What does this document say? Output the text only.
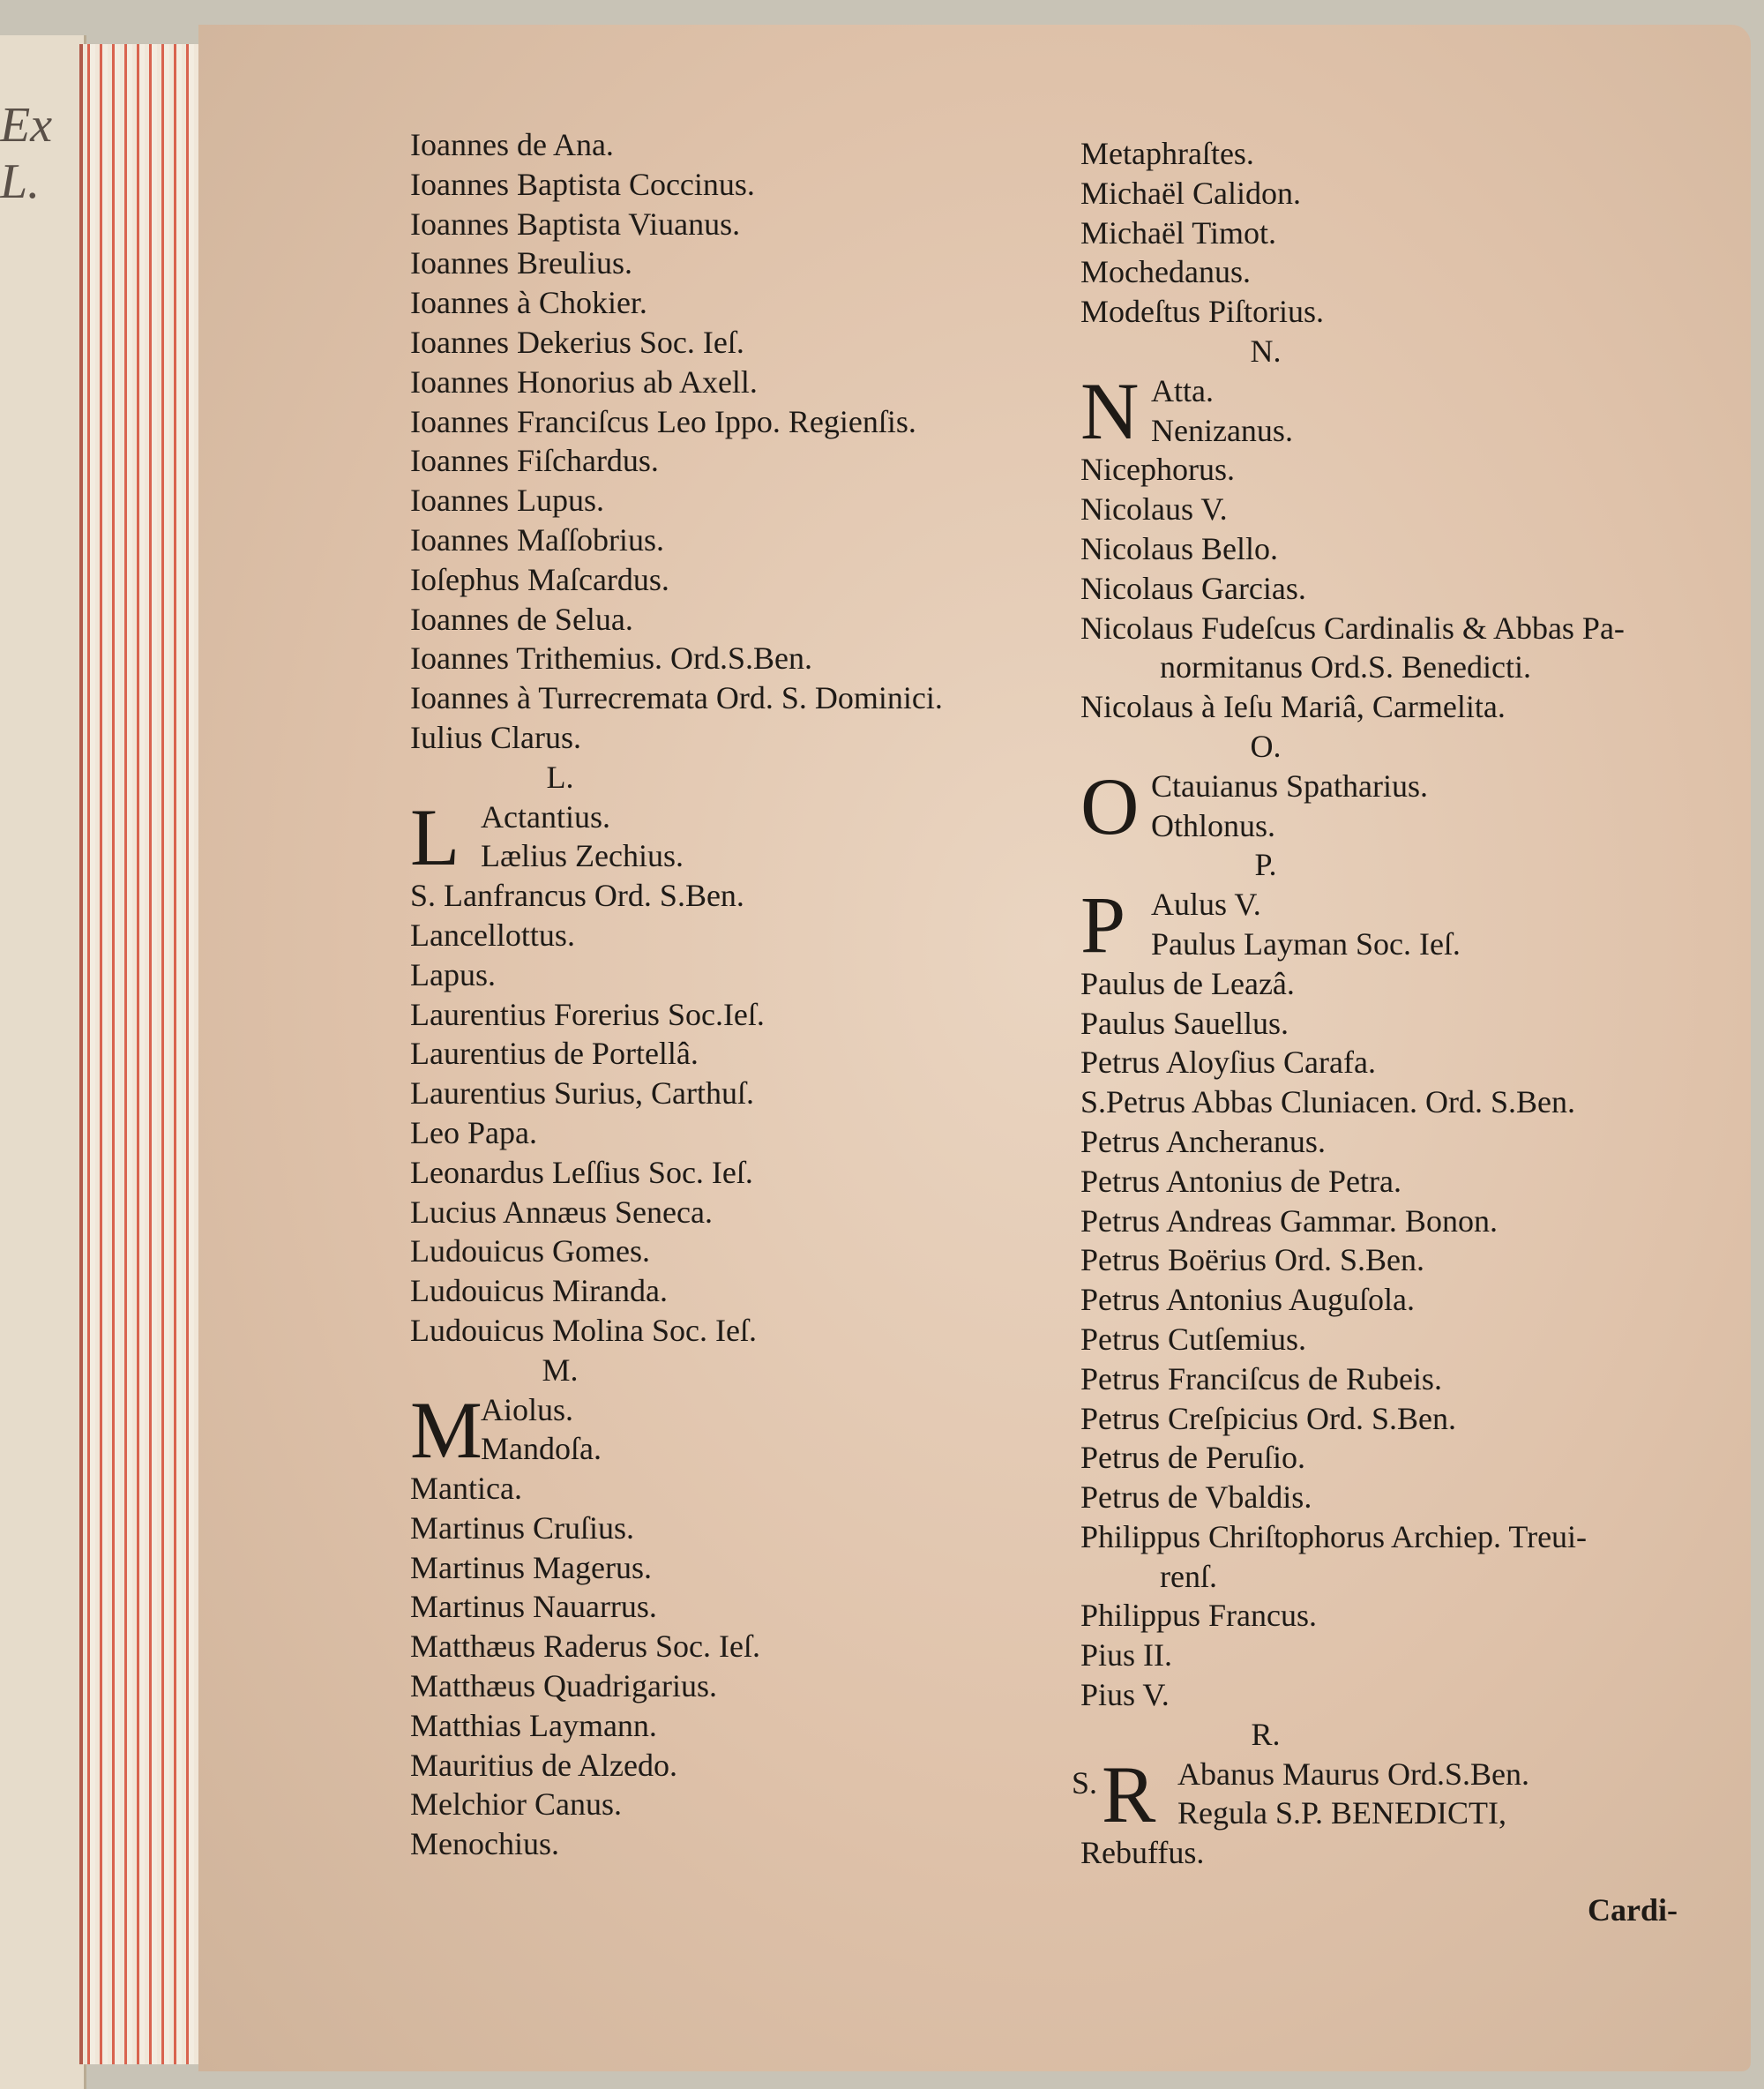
Ex L.
Ioannes de Ana.
Ioannes Baptista Coccinus.
Ioannes Baptista Viuanus.
Ioannes Breulius.
Ioannes à Chokier.
Ioannes Dekerius Soc. Ieſ.
Ioannes Honorius ab Axell.
Ioannes Franciſcus Leo Ippo. Regienſis.
Ioannes Fiſchardus.
Ioannes Lupus.
Ioannes Maſſobrius.
Ioſephus Maſcardus.
Ioannes de Selua.
Ioannes Trithemius. Ord.S.Ben.
Ioannes à Turrecremata Ord. S. Dominici.
Iulius Clarus.
L.
L Actantius.
Lælius Zechius.
S. Lanfrancus Ord. S.Ben.
Lancellottus.
Lapus.
Laurentius Forerius Soc.Ieſ.
Laurentius de Portellâ.
Laurentius Surius, Carthuſ.
Leo Papa.
Leonardus Leſſius Soc. Ieſ.
Lucius Annæus Seneca.
Ludouicus Gomes.
Ludouicus Miranda.
Ludouicus Molina Soc. Ieſ.
M.
M
Aiolus.
Mandoſa.
Mantica.
Martinus Cruſius.
Martinus Magerus.
Martinus Nauarrus.
Matthæus Raderus Soc. Ieſ.
Matthæus Quadrigarius.
Matthias Laymann.
Mauritius de Alzedo.
Melchior Canus.
Menochius.
Metaphraſtes.
Michaël Calidon.
Michaël Timot.
Mochedanus.
Modeſtus Piſtorius.
N.
N Atta.
Nenizanus.
Nicephorus.
Nicolaus V.
Nicolaus Bello.
Nicolaus Garcias.
Nicolaus Fudeſcus Cardinalis & Abbas Pa-
normitanus Ord.S. Benedicti.
Nicolaus à Ieſu Mariâ, Carmelita.
O.
O Ctauianus Spatharius.
Othlonus.
P.
P Aulus V.
Paulus Layman Soc. Ieſ.
Paulus de Leazâ.
Paulus Sauellus.
Petrus Aloyſius Carafa.
S.Petrus Abbas Cluniacen. Ord. S.Ben.
Petrus Ancheranus.
Petrus Antonius de Petra.
Petrus Andreas Gammar. Bonon.
Petrus Boërius Ord. S.Ben.
Petrus Antonius Auguſola.
Petrus Cutſemius.
Petrus Franciſcus de Rubeis.
Petrus Creſpicius Ord. S.Ben.
Petrus de Peruſio.
Petrus de Vbaldis.
Philippus Chriſtophorus Archiep. Treui-
renſ.
Philippus Francus.
Pius II.
Pius V.
R.
S. R Abanus Maurus Ord.S.Ben.
Regula S.P. BENEDICTI,
Rebuffus.
Cardi-
